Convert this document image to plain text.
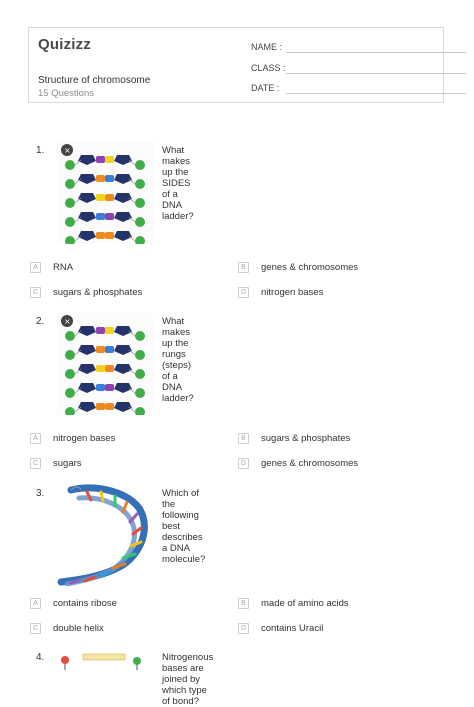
Quizizz
Structure of chromosome
15 Questions
NAME :
CLASS :
DATE :
1. ×	What makes up the SIDES of a DNA ladder?
A	RNA	B	genes & chromosomes
C	sugars & phosphates	D	nitrogen bases
2. ×	What makes up the rungs (steps) of a DNA ladder?
A	nitrogen bases	B	sugars & phosphates
C	sugars	D	genes & chromosomes
3.	Which of the following best describes a DNA molecule?
A	contains ribose	B	made of amino acids
C	double helix	D	contains Uracil
4.	Nitrogenous bases are joined by which type of bond?
